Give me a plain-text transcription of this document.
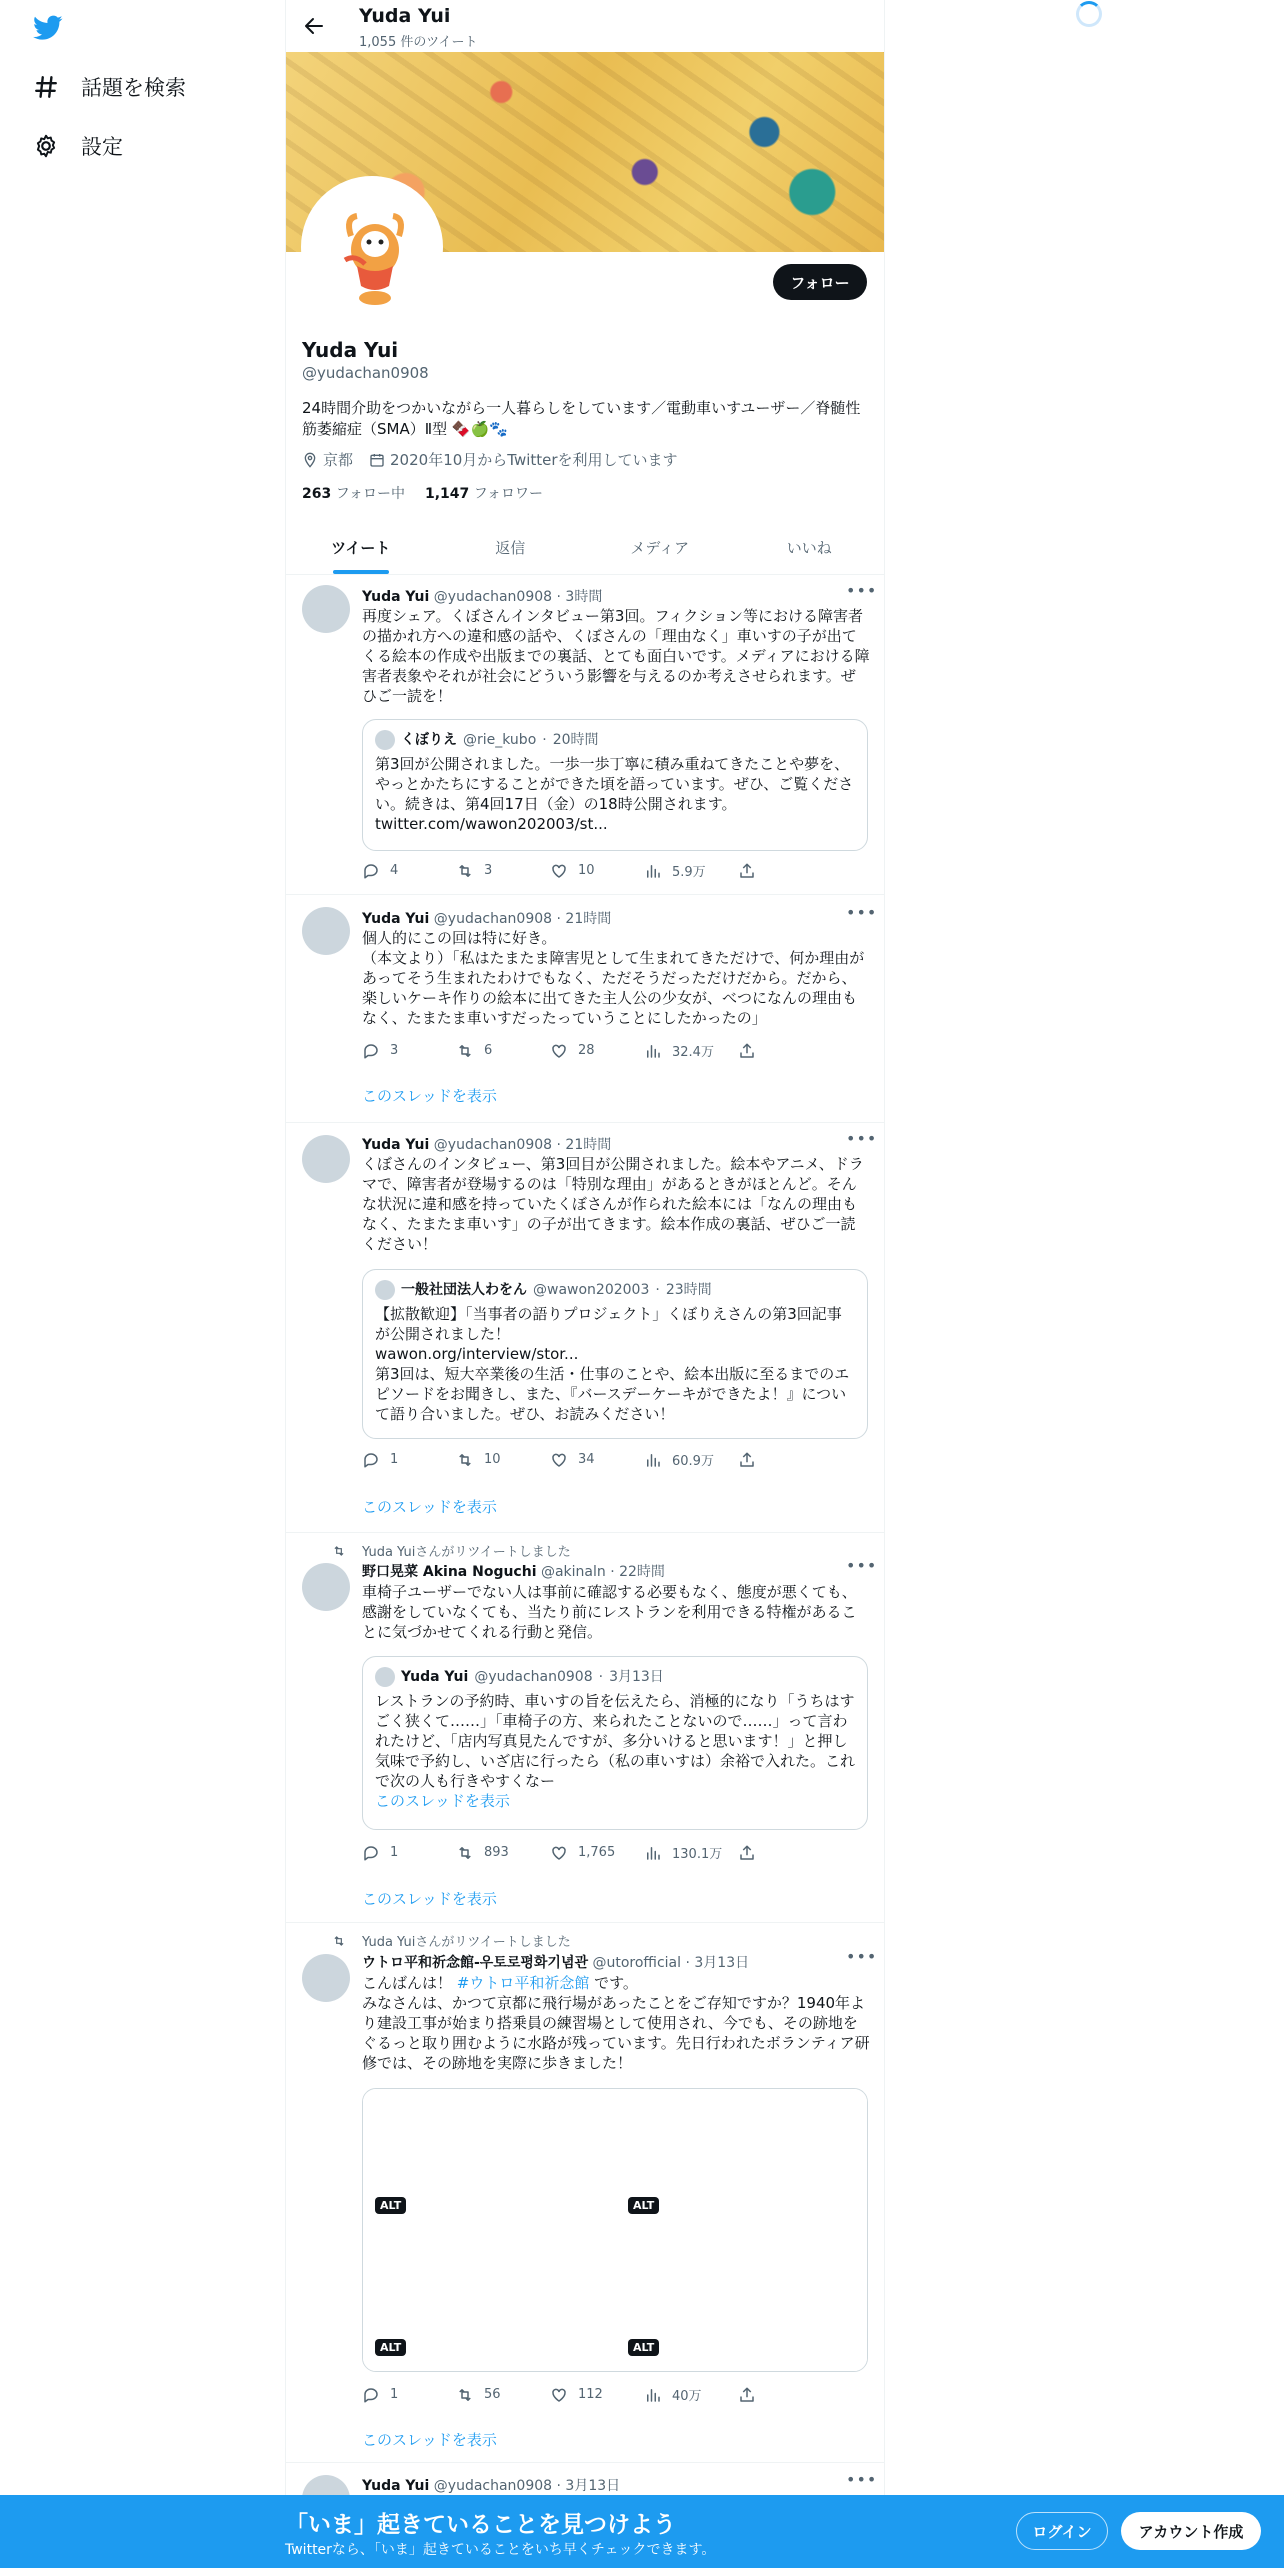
話題を検索
設定
Yuda Yui
1,055 件のツイート
フォロー
Yuda Yui
@yudachan0908
24時間介助をつかいながら一人暮らしをしています／電動車いすユーザー／脊髄性筋萎縮症（SMA）Ⅱ型 🍫🍏🐾
京都 2020年10月からTwitterを利用しています
263 フォロー中 1,147 フォロワー
ツイート	返信	メディア	いいね
Yuda Yui @yudachan0908 · 3時間	•••
再度シェア。くぼさんインタビュー第3回。フィクション等における障害者の描かれ方への違和感の話や、くぼさんの「理由なく」車いすの子が出てくる絵本の作成や出版までの裏話、とても面白いです。メディアにおける障害者表象やそれが社会にどういう影響を与えるのか考えさせられます。ぜひご一読を！
くぼりえ @rie_kubo · 20時間
第3回が公開されました。一歩一歩丁寧に積み重ねてきたことや夢を、やっとかたちにすることができた頃を語っています。ぜひ、ご覧ください。続きは、第4回17日（金）の18時公開されます。
twitter.com/wawon202003/st...
4	3	10	5.9万
Yuda Yui @yudachan0908 · 21時間	•••
個人的にこの回は特に好き。
（本文より）「私はたまたま障害児として生まれてきただけで、何か理由があってそう生まれたわけでもなく、ただそうだっただけだから。だから、楽しいケーキ作りの絵本に出てきた主人公の少女が、べつになんの理由もなく、たまたま車いすだったっていうことにしたかったの」
3	6	28	32.4万
このスレッドを表示
Yuda Yui @yudachan0908 · 21時間	•••
くぼさんのインタビュー、第3回目が公開されました。絵本やアニメ、ドラマで、障害者が登場するのは「特別な理由」があるときがほとんど。そんな状況に違和感を持っていたくぼさんが作られた絵本には「なんの理由もなく、たまたま車いす」の子が出てきます。絵本作成の裏話、ぜひご一読ください！
一般社団法人わをん @wawon202003 · 23時間
【拡散歓迎】「当事者の語りプロジェクト」くぼりえさんの第3回記事が公開されました！
wawon.org/interview/stor...
第3回は、短大卒業後の生活・仕事のことや、絵本出版に至るまでのエピソードをお聞きし、また、『バースデーケーキができたよ！』について語り合いました。ぜひ、お読みください！
1	10	34	60.9万
このスレッドを表示
Yuda Yuiさんがリツイートしました
野口晃菜 Akina Noguchi @akinaln · 22時間	•••
車椅子ユーザーでない人は事前に確認する必要もなく、態度が悪くても、感謝をしていなくても、当たり前にレストランを利用できる特権があることに気づかせてくれる行動と発信。
Yuda Yui @yudachan0908 · 3月13日
レストランの予約時、車いすの旨を伝えたら、消極的になり「うちはすごく狭くて……」「車椅子の方、来られたことないので……」って言われたけど、「店内写真見たんですが、多分いけると思います！」と押し気味で予約し、いざ店に行ったら（私の車いすは）余裕で入れた。これで次の人も行きやすくなー
このスレッドを表示
1	893	1,765	130.1万
このスレッドを表示
Yuda Yuiさんがリツイートしました
ウトロ平和祈念館-우토로평화기념관 @utorofficial · 3月13日	•••
こんばんは！ #ウトロ平和祈念館 です。
みなさんは、かつて京都に飛行場があったことをご存知ですか？1940年より建設工事が始まり搭乗員の練習場として使用され、今でも、その跡地をぐるっと取り囲むように水路が残っています。先日行われたボランティア研修では、その跡地を実際に歩きました！
ALT	ALT
ALT	ALT
1	56	112	40万
このスレッドを表示
Yuda Yui @yudachan0908 · 3月13日	•••
「いま」起きていることを見つけよう
Twitterなら、「いま」起きていることをいち早くチェックできます。
ログイン	アカウント作成
